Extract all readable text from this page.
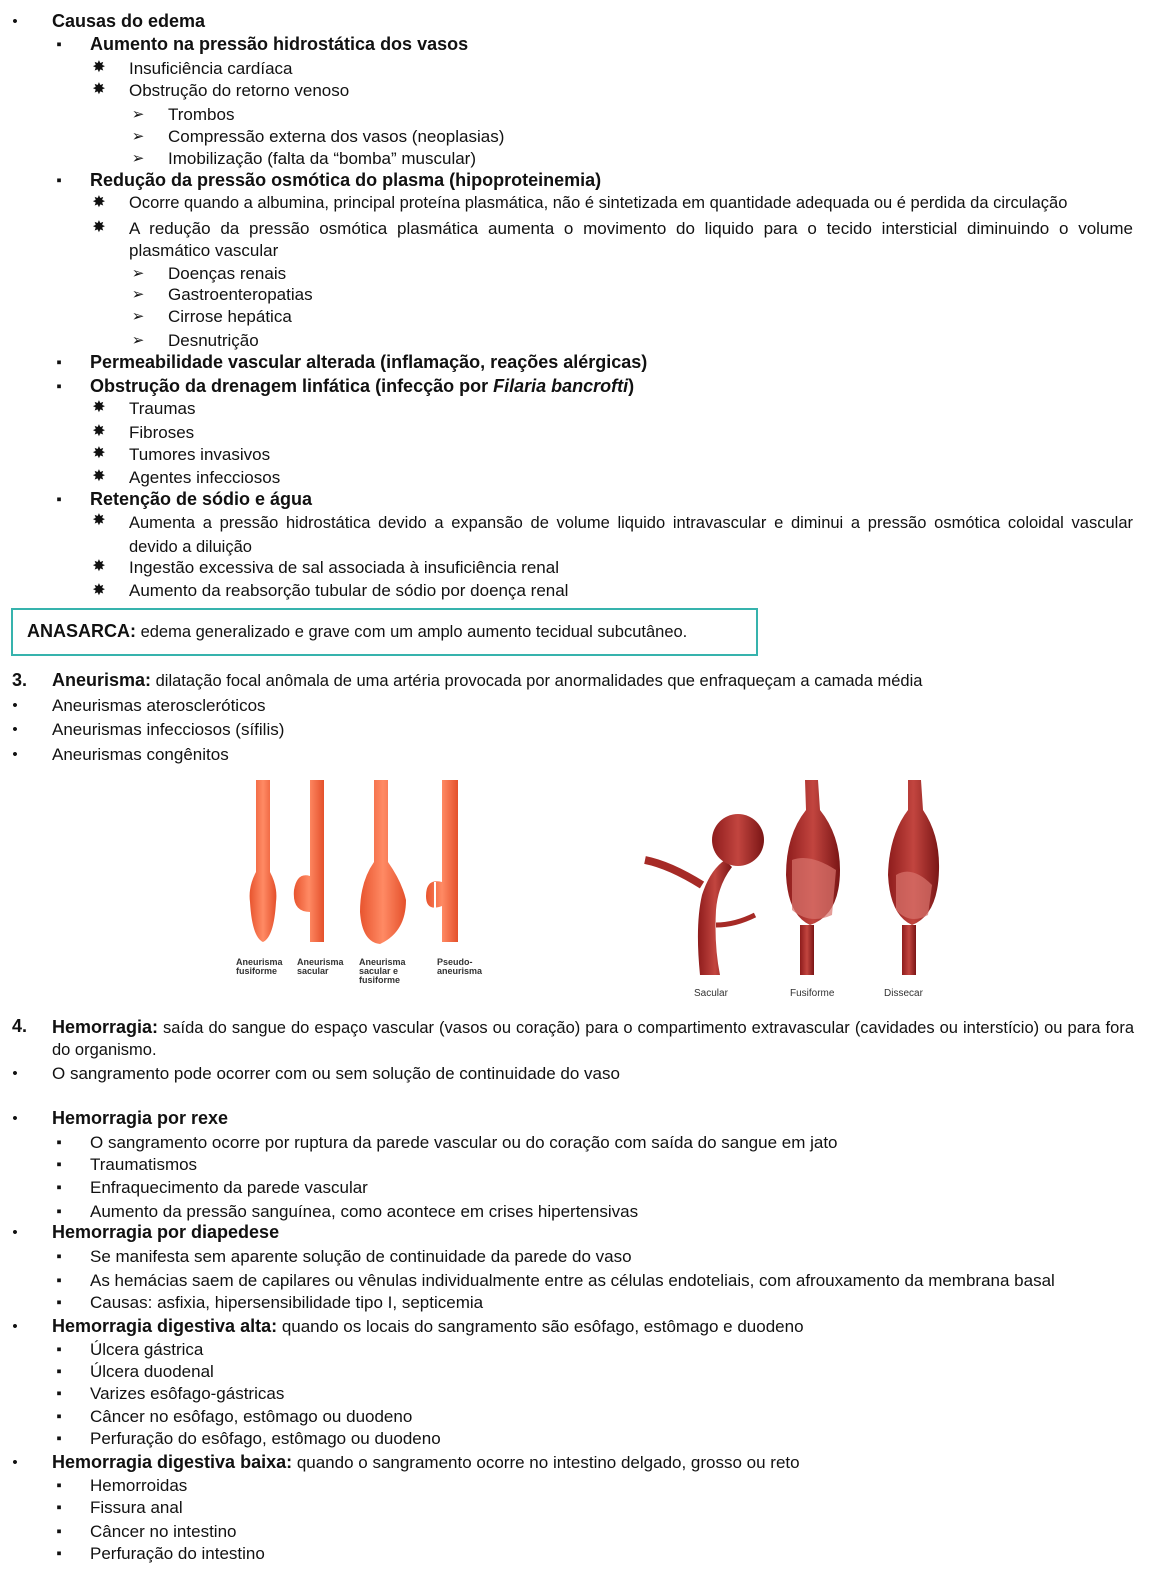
• Causas do edema
▪ Aumento na pressão hidrostática dos vasos
✸ Insuficiência cardíaca
✸ Obstrução do retorno venoso
➢ Trombos
➢ Compressão externa dos vasos (neoplasias)
➢ Imobilização (falta da “bomba” muscular)
▪ Redução da pressão osmótica do plasma (hipoproteinemia)
✸ Ocorre quando a albumina, principal proteína plasmática, não é sintetizada em quantidade adequada ou é perdida da circulação
✸ A redução da pressão osmótica plasmática aumenta o movimento do liquido para o tecido intersticial diminuindo o volume plasmático vascular
➢ Doenças renais
➢ Gastroenteropatias
➢ Cirrose hepática
➢ Desnutrição
▪ Permeabilidade vascular alterada (inflamação, reações alérgicas)
▪ Obstrução da drenagem linfática (infecção por Filaria bancrofti)
✸ Traumas
✸ Fibroses
✸ Tumores invasivos
✸ Agentes infecciosos
▪ Retenção de sódio e água
✸ Aumenta a pressão hidrostática devido a expansão de volume liquido intravascular e diminui a pressão osmótica coloidal vascular devido a diluição
✸ Ingestão excessiva de sal associada à insuficiência renal
✸ Aumento da reabsorção tubular de sódio por doença renal
ANASARCA: edema generalizado e grave com um amplo aumento tecidual subcutâneo.
3. Aneurisma: dilatação focal anômala de uma artéria provocada por anormalidades que enfraqueçam a camada média
• Aneurismas ateroscleróticos
• Aneurismas infecciosos (sífilis)
• Aneurismas congênitos
Aneurisma fusiforme
Aneurisma sacular
Aneurisma sacular e fusiforme
Pseudo-aneurisma
Sacular	Fusiforme	Dissecar
4. Hemorragia: saída do sangue do espaço vascular (vasos ou coração) para o compartimento extravascular (cavidades ou interstício) ou para fora do organismo.
• O sangramento pode ocorrer com ou sem solução de continuidade do vaso
• Hemorragia por rexe
▪ O sangramento ocorre por ruptura da parede vascular ou do coração com saída do sangue em jato
▪ Traumatismos
▪ Enfraquecimento da parede vascular
▪ Aumento da pressão sanguínea, como acontece em crises hipertensivas
• Hemorragia por diapedese
▪ Se manifesta sem aparente solução de continuidade da parede do vaso
▪ As hemácias saem de capilares ou vênulas individualmente entre as células endoteliais, com afrouxamento da membrana basal
▪ Causas: asfixia, hipersensibilidade tipo I, septicemia
• Hemorragia digestiva alta: quando os locais do sangramento são esôfago, estômago e duodeno
▪ Úlcera gástrica
▪ Úlcera duodenal
▪ Varizes esôfago-gástricas
▪ Câncer no esôfago, estômago ou duodeno
▪ Perfuração do esôfago, estômago ou duodeno
• Hemorragia digestiva baixa: quando o sangramento ocorre no intestino delgado, grosso ou reto
▪ Hemorroidas
▪ Fissura anal
▪ Câncer no intestino
▪ Perfuração do intestino
